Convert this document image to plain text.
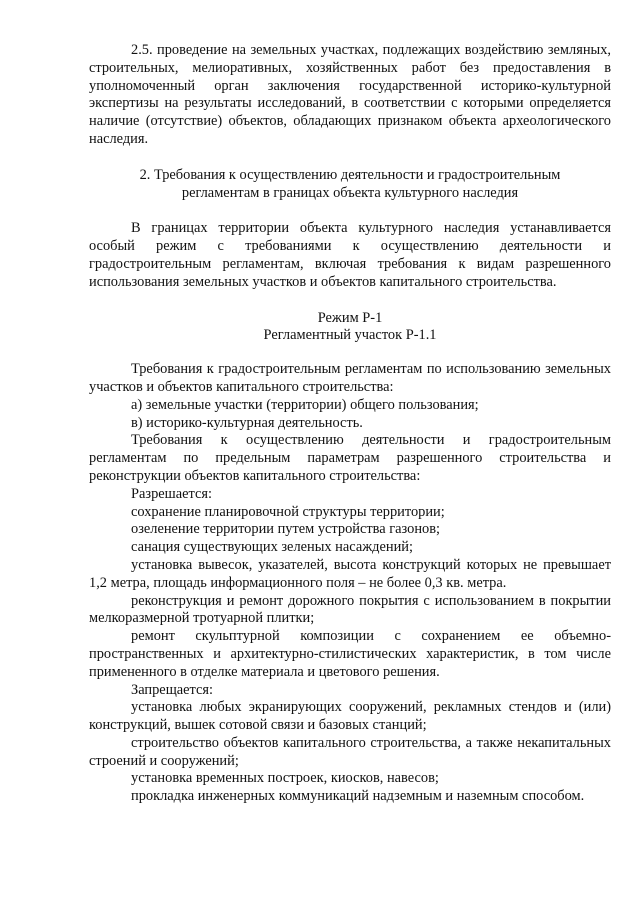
2.5. проведение на земельных участках, подлежащих воздействию земляных, строительных, мелиоративных, хозяйственных работ без предоставления в уполномоченный орган заключения государственной историко-культурной экспертизы на результаты исследований, в соответствии с которыми определяется наличие (отсутствие) объектов, обладающих признаком объекта археологического наследия.

2. Требования к осуществлению деятельности и градостроительным

регламентам в границах объекта культурного наследия

В границах территории объекта культурного наследия устанавливается особый режим с требованиями к осуществлению деятельности и градостроительным регламентам, включая требования к видам разрешенного использования земельных участков и объектов капитального строительства.

Режим Р-1

Регламентный участок Р-1.1

Требования к градостроительным регламентам по использованию земельных участков и объектов капитального строительства:

а) земельные участки (территории) общего пользования;

в) историко-культурная деятельность.

Требования к осуществлению деятельности и градостроительным регламентам по предельным параметрам разрешенного строительства и реконструкции объектов капитального строительства:

Разрешается:

сохранение планировочной структуры территории;

озеленение территории путем устройства газонов;

санация существующих зеленых насаждений;

установка вывесок, указателей, высота конструкций которых не превышает 1,2 метра, площадь информационного поля – не более 0,3 кв. метра.

реконструкция и ремонт дорожного покрытия с использованием в покрытии мелкоразмерной тротуарной плитки;

ремонт скульптурной композиции с сохранением ее объемно-пространственных и архитектурно-стилистических характеристик, в том числе примененного в отделке материала и цветового решения.

Запрещается:

установка любых экранирующих сооружений, рекламных стендов и (или) конструкций, вышек сотовой связи и базовых станций;

строительство объектов капитального строительства, а также некапитальных строений и сооружений;

установка временных построек, киосков, навесов;

прокладка инженерных коммуникаций надземным и наземным способом.
